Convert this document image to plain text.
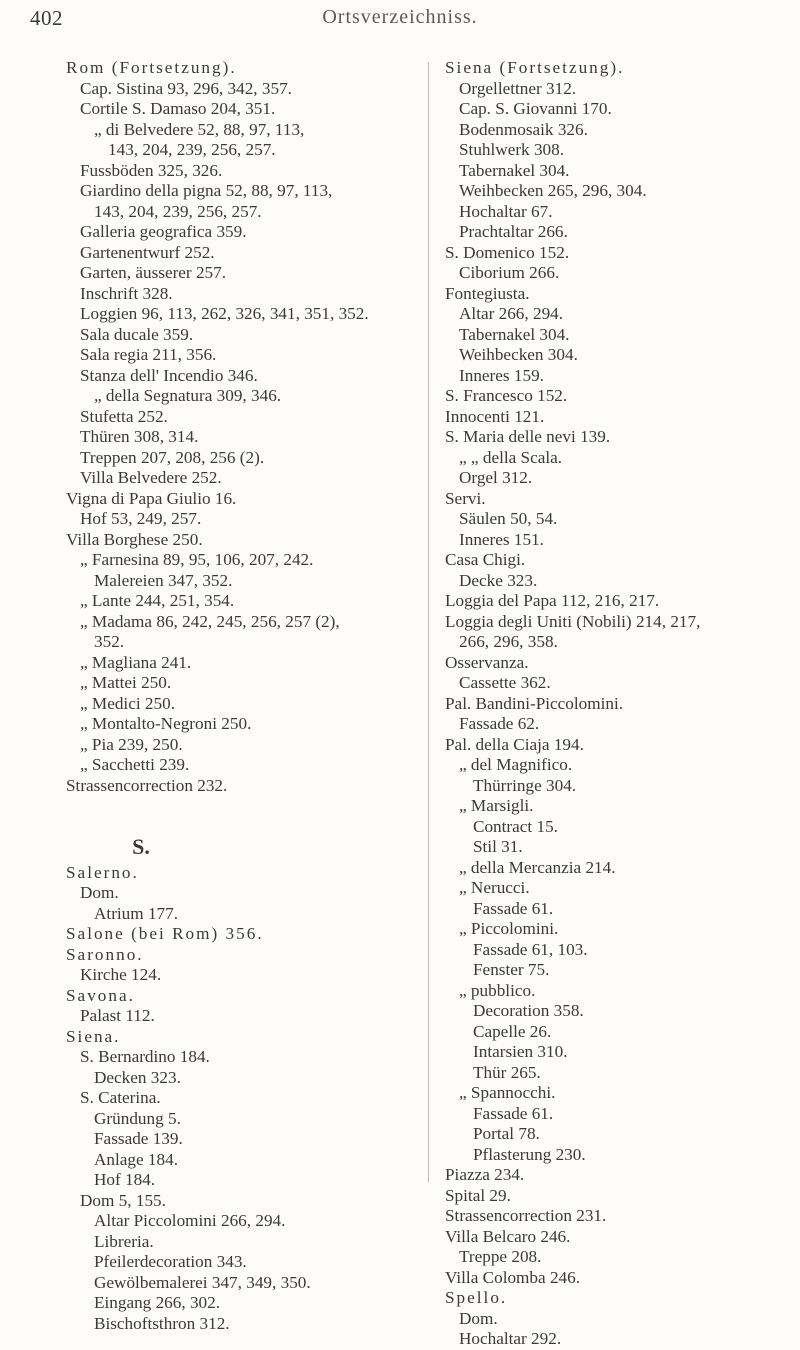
402	Ortsverzeichniss.
Rom (Fortsetzung).
Cap. Sistina 93, 296, 342, 357.
Cortile S. Damaso 204, 351.
„ di Belvedere 52, 88, 97, 113,
143, 204, 239, 256, 257.
Fussböden 325, 326.
Giardino della pigna 52, 88, 97, 113,
143, 204, 239, 256, 257.
Galleria geografica 359.
Gartenentwurf 252.
Garten, äusserer 257.
Inschrift 328.
Loggien 96, 113, 262, 326, 341, 351, 352.
Sala ducale 359.
Sala regia 211, 356.
Stanza dell' Incendio 346.
„ della Segnatura 309, 346.
Stufetta 252.
Thüren 308, 314.
Treppen 207, 208, 256 (2).
Villa Belvedere 252.
Vigna di Papa Giulio 16.
Hof 53, 249, 257.
Villa Borghese 250.
„ Farnesina 89, 95, 106, 207, 242.
Malereien 347, 352.
„ Lante 244, 251, 354.
„ Madama 86, 242, 245, 256, 257 (2),
352.
„ Magliana 241.
„ Mattei 250.
„ Medici 250.
„ Montalto-Negroni 250.
„ Pia 239, 250.
„ Sacchetti 239.
Strassencorrection 232.
S.
Salerno.
Dom.
Atrium 177.
Salone (bei Rom) 356.
Saronno.
Kirche 124.
Savona.
Palast 112.
Siena.
S. Bernardino 184.
Decken 323.
S. Caterina.
Gründung 5.
Fassade 139.
Anlage 184.
Hof 184.
Dom 5, 155.
Altar Piccolomini 266, 294.
Libreria.
Pfeilerdecoration 343.
Gewölbemalerei 347, 349, 350.
Eingang 266, 302.
Bischoftsthron 312.
Siena (Fortsetzung).
Orgellettner 312.
Cap. S. Giovanni 170.
Bodenmosaik 326.
Stuhlwerk 308.
Tabernakel 304.
Weihbecken 265, 296, 304.
Hochaltar 67.
Prachtaltar 266.
S. Domenico 152.
Ciborium 266.
Fontegiusta.
Altar 266, 294.
Tabernakel 304.
Weihbecken 304.
Inneres 159.
S. Francesco 152.
Innocenti 121.
S. Maria delle nevi 139.
„ „ della Scala.
Orgel 312.
Servi.
Säulen 50, 54.
Inneres 151.
Casa Chigi.
Decke 323.
Loggia del Papa 112, 216, 217.
Loggia degli Uniti (Nobili) 214, 217,
266, 296, 358.
Osservanza.
Cassette 362.
Pal. Bandini-Piccolomini.
Fassade 62.
Pal. della Ciaja 194.
„ del Magnifico.
Thürringe 304.
„ Marsigli.
Contract 15.
Stil 31.
„ della Mercanzia 214.
„ Nerucci.
Fassade 61.
„ Piccolomini.
Fassade 61, 103.
Fenster 75.
„ pubblico.
Decoration 358.
Capelle 26.
Intarsien 310.
Thür 265.
„ Spannocchi.
Fassade 61.
Portal 78.
Pflasterung 230.
Piazza 234.
Spital 29.
Strassencorrection 231.
Villa Belcaro 246.
Treppe 208.
Villa Colomba 246.
Spello.
Dom.
Hochaltar 292.
